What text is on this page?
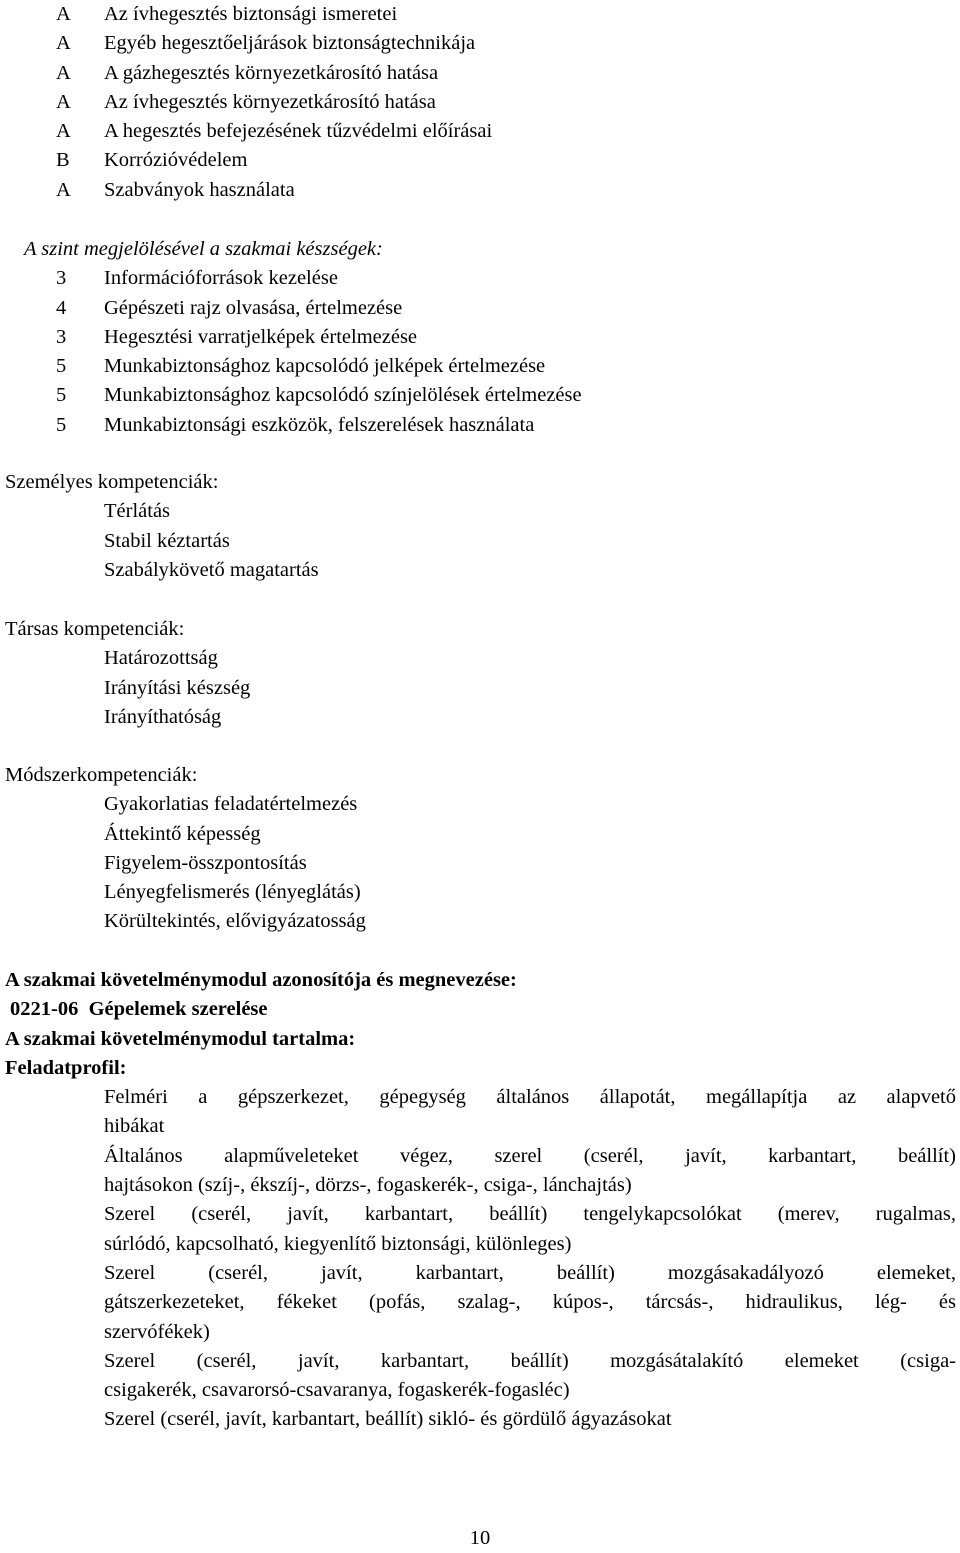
A	Az ívhegesztés biztonsági ismeretei
A	Egyéb hegesztőeljárások biztonságtechnikája
A	A gázhegesztés környezetkárosító hatása
A	Az ívhegesztés környezetkárosító hatása
A	A hegesztés befejezésének tűzvédelmi előírásai
B	Korrózióvédelem
A	Szabványok használata
A szint megjelölésével a szakmai készségek:
3	Információforrások kezelése
4	Gépészeti rajz olvasása, értelmezése
3	Hegesztési varratjelképek értelmezése
5	Munkabiztonsághoz kapcsolódó jelképek értelmezése
5	Munkabiztonsághoz kapcsolódó színjelölések értelmezése
5	Munkabiztonsági eszközök, felszerelések használata
Személyes kompetenciák:
Térlátás
Stabil kéztartás
Szabálykövető magatartás
Társas kompetenciák:
Határozottság
Irányítási készség
Irányíthatóság
Módszerkompetenciák:
Gyakorlatias feladatértelmezés
Áttekintő képesség
Figyelem-összpontosítás
Lényegfelismerés (lényeglátás)
Körültekintés, elővigyázatosság
A szakmai követelménymodul azonosítója és megnevezése:
0221-06  Gépelemek szerelése
A szakmai követelménymodul tartalma:
Feladatprofil:
Felméri a gépszerkezet, gépegység általános állapotát, megállapítja az alapvető
hibákat
Általános alapműveleteket végez, szerel (cserél, javít, karbantart, beállít)
hajtásokon (szíj-, ékszíj-, dörzs-, fogaskerék-, csiga-, lánchajtás)
Szerel (cserél, javít, karbantart, beállít) tengelykapcsolókat (merev, rugalmas,
súrlódó, kapcsolható, kiegyenlítő biztonsági, különleges)
Szerel (cserél, javít, karbantart, beállít) mozgásakadályozó elemeket,
gátszerkezeteket, fékeket (pofás, szalag-, kúpos-, tárcsás-, hidraulikus, lég- és
szervófékek)
Szerel (cserél, javít, karbantart, beállít) mozgásátalakító elemeket (csiga-
csigakerék, csavarorsó-csavaranya, fogaskerék-fogasléc)
Szerel (cserél, javít, karbantart, beállít) sikló- és gördülő ágyazásokat
10
